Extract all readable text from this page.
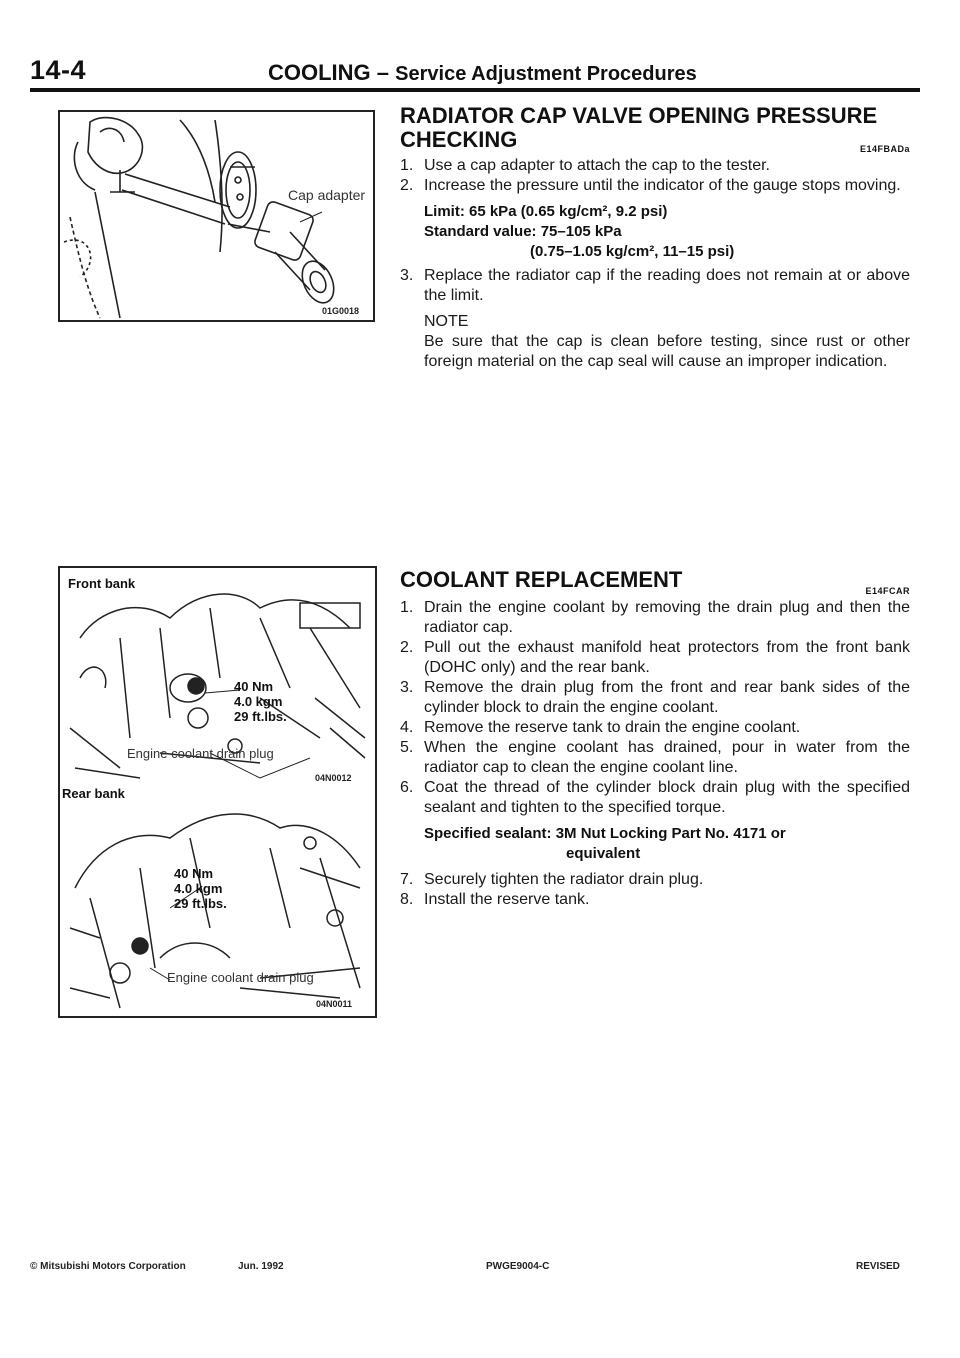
14-4	COOLING – Service Adjustment Procedures
Cap adapter
01G0018
Front bank
40 Nm
4.0 kgm
29 ft.lbs.
Engine coolant drain plug
04N0012
Rear bank
40 Nm
4.0 kgm
29 ft.lbs.
Engine coolant drain plug
04N0011
RADIATOR CAP VALVE OPENING PRESSURE
CHECKING	E14FBADa
1. Use a cap adapter to attach the cap to the tester.
2. Increase the pressure until the indicator of the gauge stops moving.
Limit: 65 kPa (0.65 kg/cm², 9.2 psi)
Standard value: 75–105 kPa
(0.75–1.05 kg/cm², 11–15 psi)
3. Replace the radiator cap if the reading does not remain at or above the limit.
NOTE
Be sure that the cap is clean before testing, since rust or other foreign material on the cap seal will cause an improper indication.
COOLANT REPLACEMENT	E14FCAR
1. Drain the engine coolant by removing the drain plug and then the radiator cap.
2. Pull out the exhaust manifold heat protectors from the front bank (DOHC only) and the rear bank.
3. Remove the drain plug from the front and rear bank sides of the cylinder block to drain the engine coolant.
4. Remove the reserve tank to drain the engine coolant.
5. When the engine coolant has drained, pour in water from the radiator cap to clean the engine coolant line.
6. Coat the thread of the cylinder block drain plug with the specified sealant and tighten to the specified torque.
Specified sealant: 3M Nut Locking Part No. 4171 or
equivalent
7. Securely tighten the radiator drain plug.
8. Install the reserve tank.
© Mitsubishi Motors Corporation	Jun. 1992	PWGE9004-C	REVISED
